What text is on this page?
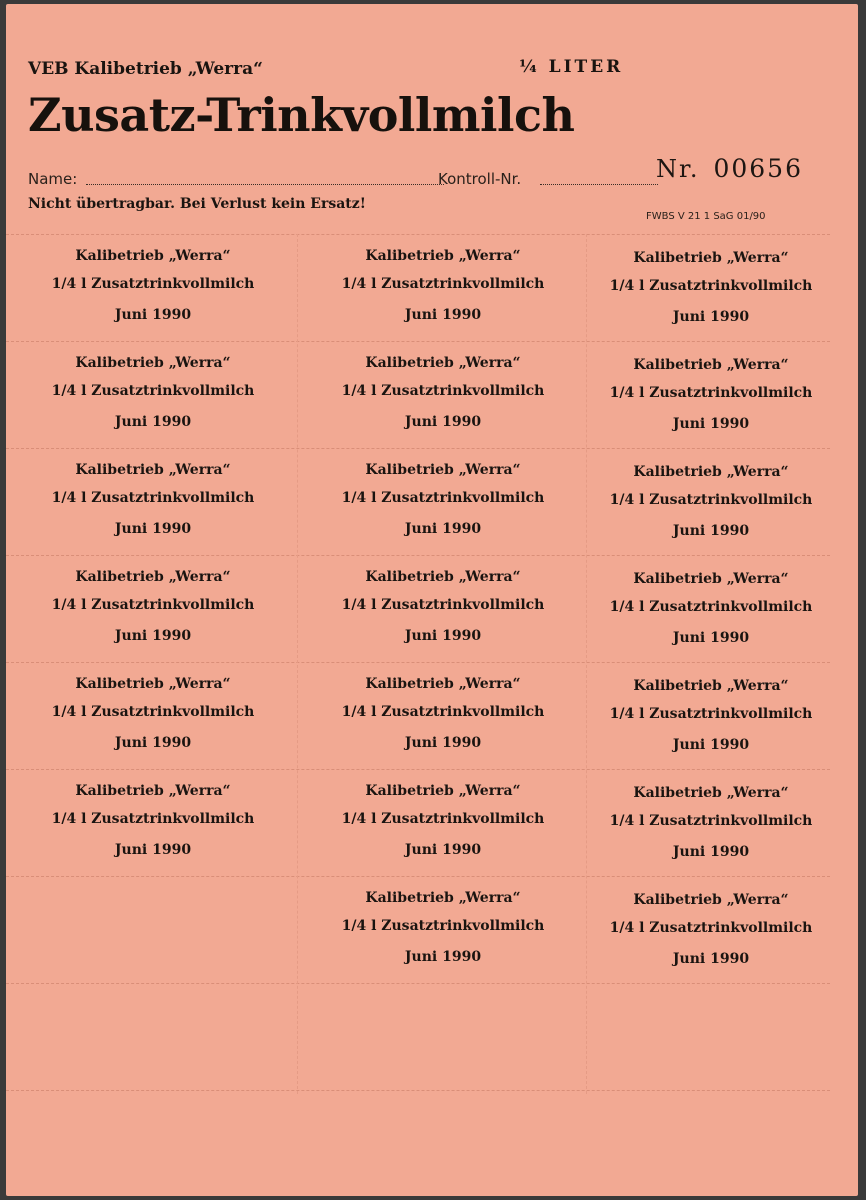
VEB Kalibetrieb „Werra“	¼ LITER
Zusatz-Trinkvollmilch
Name:	Kontroll-Nr.	Nr. 00656
Nicht übertragbar. Bei Verlust kein Ersatz!
FWBS V 21 1 SaG 01/90
Kalibetrieb „Werra“
1/4 l Zusatztrinkvollmilch
Juni 1990
Kalibetrieb „Werra“
1/4 l Zusatztrinkvollmilch
Juni 1990
Kalibetrieb „Werra“
1/4 l Zusatztrinkvollmilch
Juni 1990
Kalibetrieb „Werra“
1/4 l Zusatztrinkvollmilch
Juni 1990
Kalibetrieb „Werra“
1/4 l Zusatztrinkvollmilch
Juni 1990
Kalibetrieb „Werra“
1/4 l Zusatztrinkvollmilch
Juni 1990
Kalibetrieb „Werra“
1/4 l Zusatztrinkvollmilch
Juni 1990
Kalibetrieb „Werra“
1/4 l Zusatztrinkvollmilch
Juni 1990
Kalibetrieb „Werra“
1/4 l Zusatztrinkvollmilch
Juni 1990
Kalibetrieb „Werra“
1/4 l Zusatztrinkvollmilch
Juni 1990
Kalibetrieb „Werra“
1/4 l Zusatztrinkvollmilch
Juni 1990
Kalibetrieb „Werra“
1/4 l Zusatztrinkvollmilch
Juni 1990
Kalibetrieb „Werra“
1/4 l Zusatztrinkvollmilch
Juni 1990
Kalibetrieb „Werra“
1/4 l Zusatztrinkvollmilch
Juni 1990
Kalibetrieb „Werra“
1/4 l Zusatztrinkvollmilch
Juni 1990
Kalibetrieb „Werra“
1/4 l Zusatztrinkvollmilch
Juni 1990
Kalibetrieb „Werra“
1/4 l Zusatztrinkvollmilch
Juni 1990
Kalibetrieb „Werra“
1/4 l Zusatztrinkvollmilch
Juni 1990
Kalibetrieb „Werra“
1/4 l Zusatztrinkvollmilch
Juni 1990
Kalibetrieb „Werra“
1/4 l Zusatztrinkvollmilch
Juni 1990
